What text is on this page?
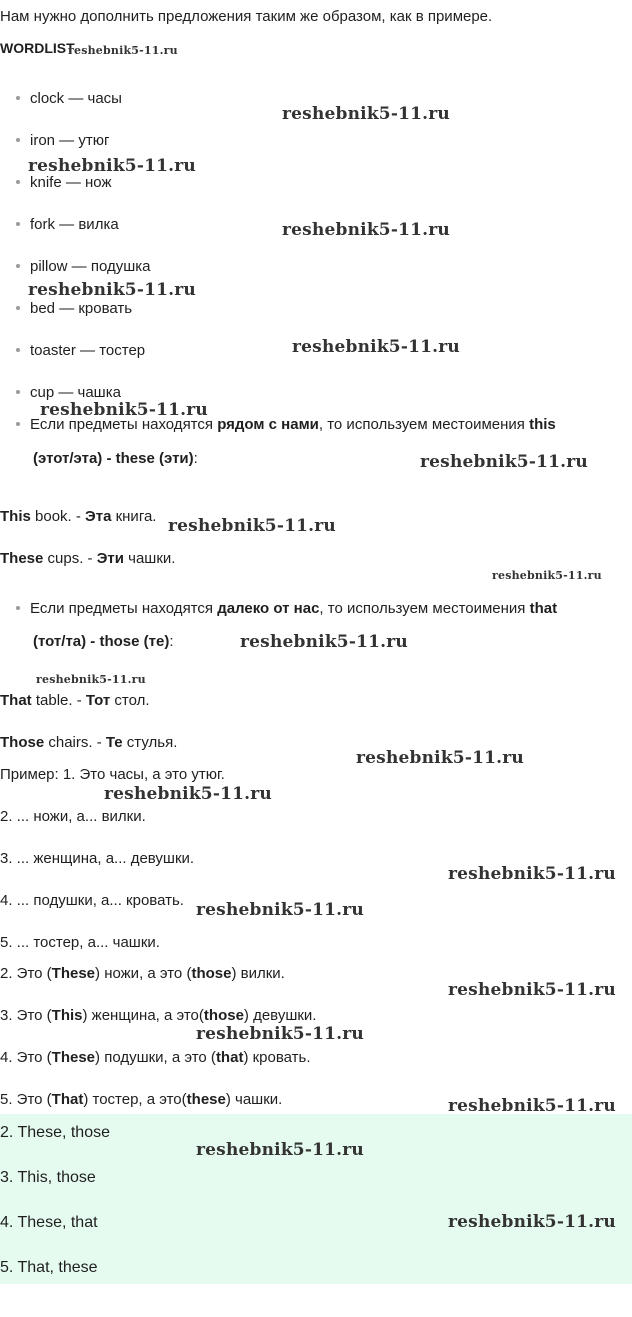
Нам нужно дополнить предложения таким же образом, как в примере.
WORDLIST
reshebnik5-11.ru
clock — часы
iron — утюг
knife — нож
fork — вилка
pillow — подушка
bed — кровать
toaster — тостер
cup — чашка
Если предметы находятся рядом с нами, то используем местоимения this
(этот/эта) - these (эти):
This book. - Эта книга.
These cups. - Эти чашки.
Если предметы находятся далеко от нас, то используем местоимения that
(тот/та) - those (те):
That table. - Тот стол.
Those chairs. - Те стулья.
Пример: 1. Это часы, а это утюг.
2. ... ножи, а... вилки.
3. ... женщина, а... девушки.
4. ... подушки, а... кровать.
5. ... тостер, а... чашки.
2. Это (These) ножи, а это (those) вилки.
3. Это (This) женщина, а это(those) девушки.
4. Это (These) подушки, а это (that) кровать.
5. Это (That) тостер, а это(these) чашки.
2. These, those
3. This, those
4. These, that
5. That, these
reshebnik5-11.ru
reshebnik5-11.ru
reshebnik5-11.ru
reshebnik5-11.ru
reshebnik5-11.ru
reshebnik5-11.ru
reshebnik5-11.ru
reshebnik5-11.ru
reshebnik5-11.ru
reshebnik5-11.ru
reshebnik5-11.ru
reshebnik5-11.ru
reshebnik5-11.ru
reshebnik5-11.ru
reshebnik5-11.ru
reshebnik5-11.ru
reshebnik5-11.ru
reshebnik5-11.ru
reshebnik5-11.ru
reshebnik5-11.ru
